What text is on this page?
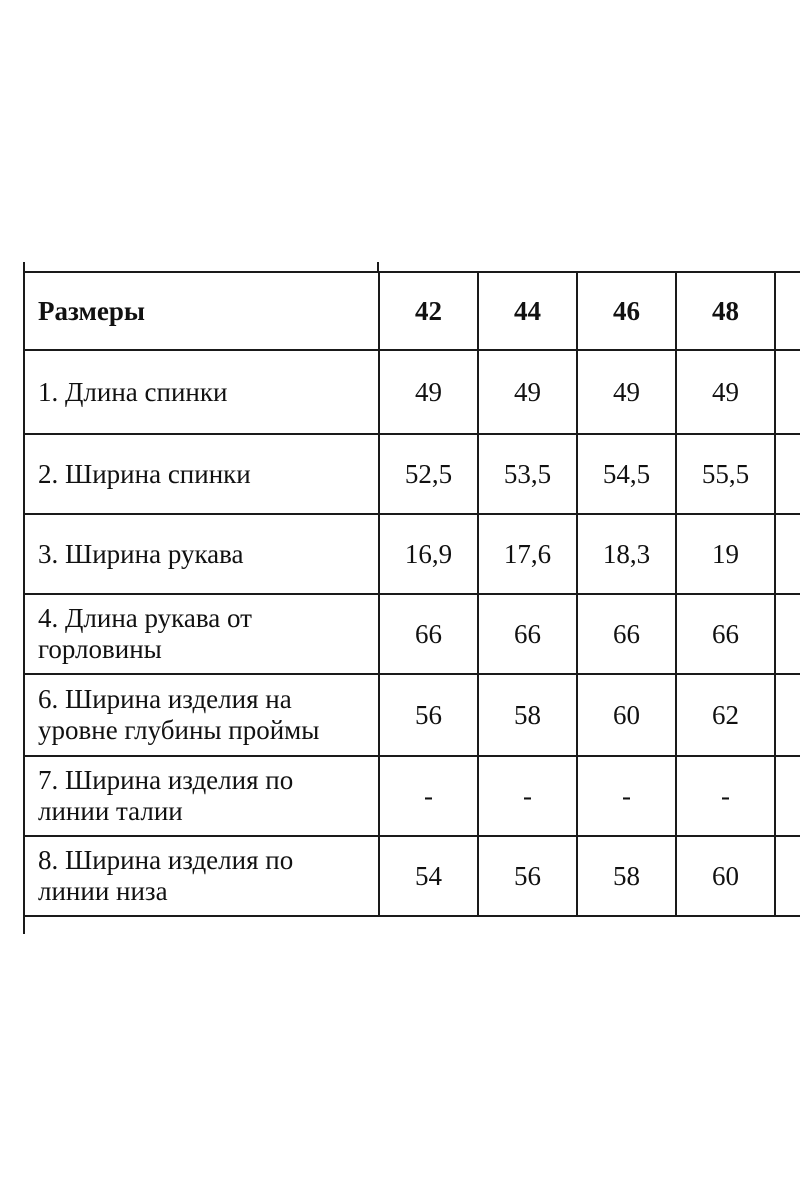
Размеры	42	44	46	48	
1. Длина спинки	49	49	49	49	
2. Ширина спинки	52,5	53,5	54,5	55,5	
3. Ширина рукава	16,9	17,6	18,3	19	
4. Длина рукава от
горловины	66	66	66	66	
6. Ширина изделия на
уровне глубины проймы	56	58	60	62	
7. Ширина изделия по
линии талии	-	-	-	-	
8. Ширина изделия по
линии низа	54	56	58	60	
